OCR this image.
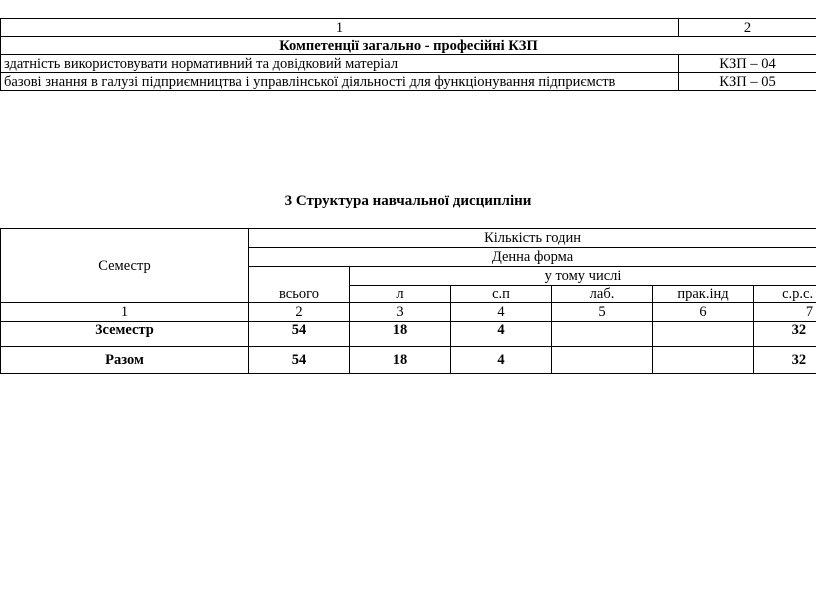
1	2
Компетенції загально - професійні КЗП	
здатність використовувати нормативний та довідковий матеріал	КЗП – 04
базові знання в галузі підприємництва і управлінської діяльності для функціонування підприємств	КЗП – 05
3 Структура навчальної дисципліни
Семестр	Кількість годин					
	Денна форма					
	всього	у тому числі				
		л	с.п	лаб.	прак.інд	с.р.с.
1	2	3	4	5	6	7
3семестр	54	18	4			32
Разом	54	18	4			32
